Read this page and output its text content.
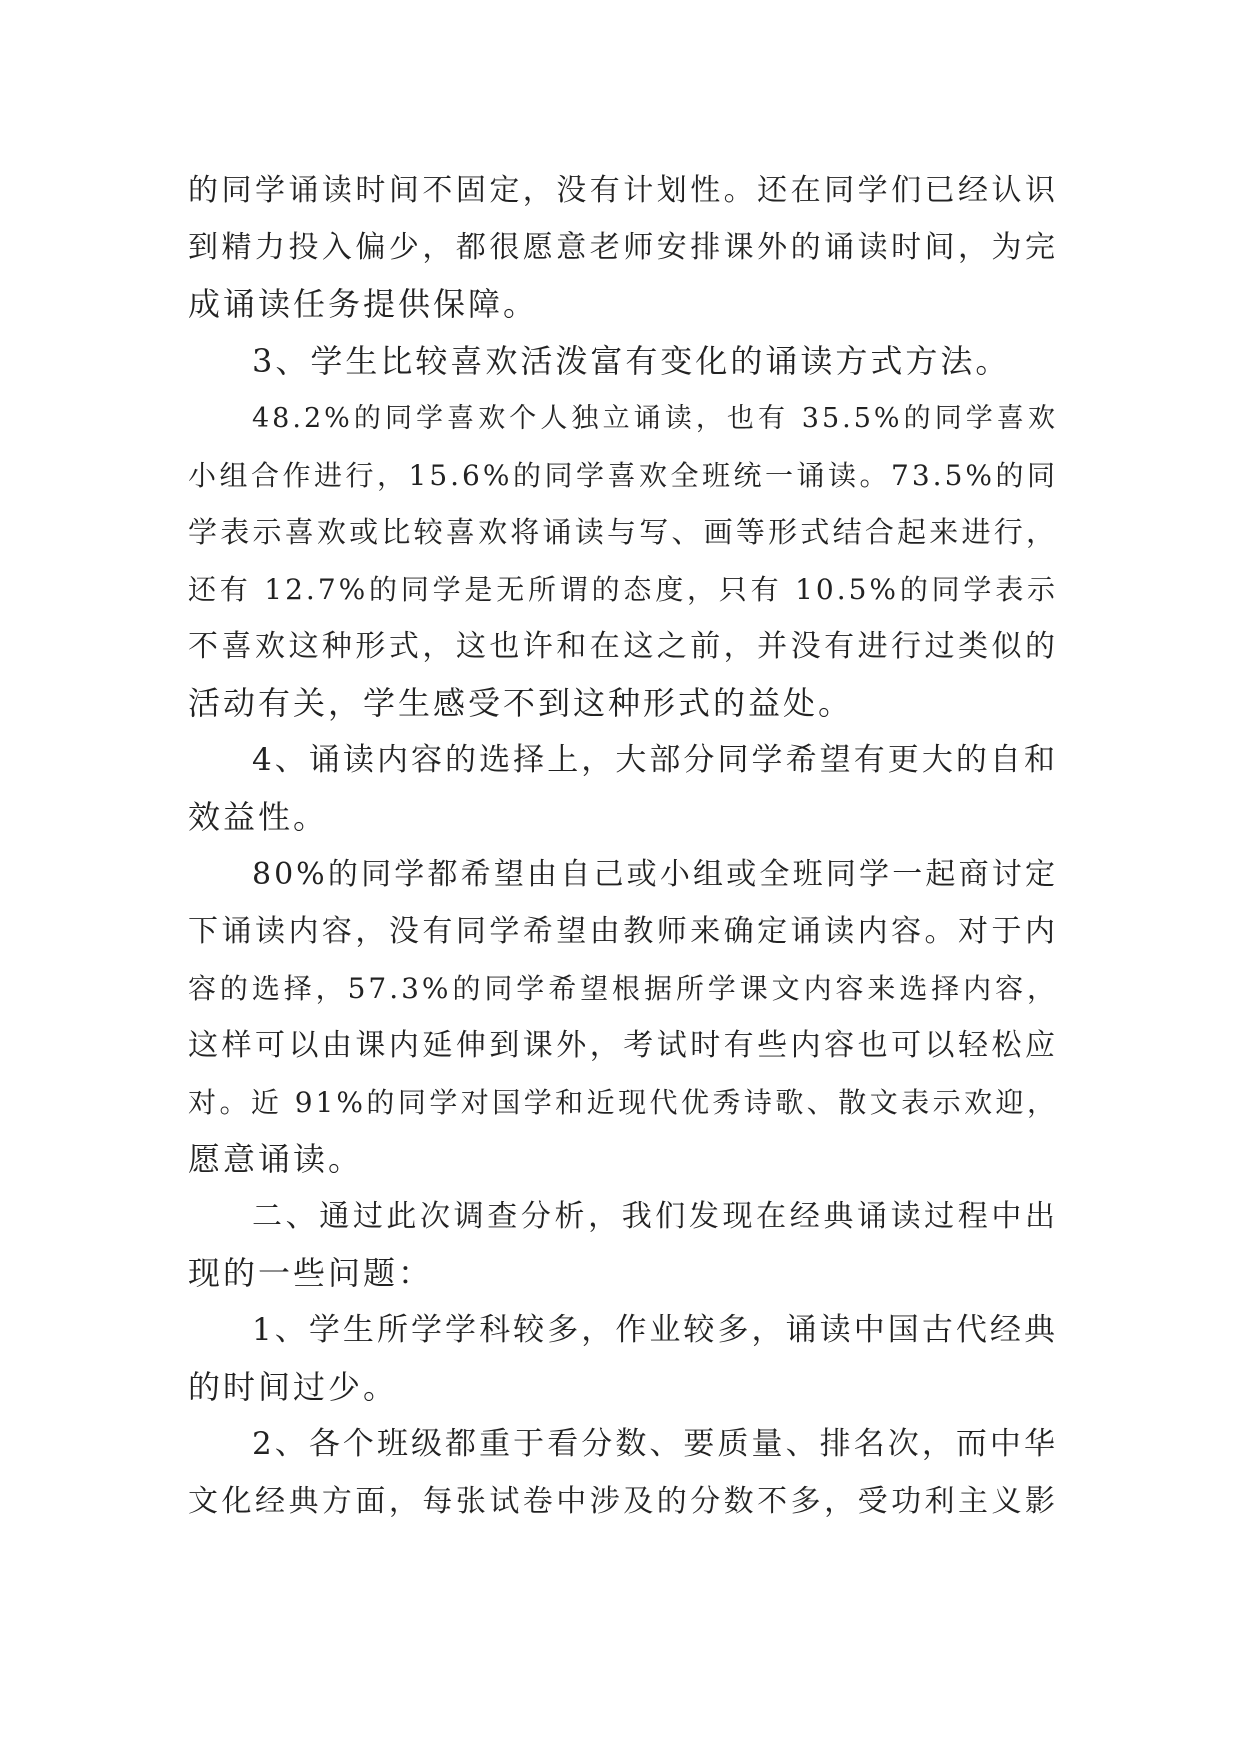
的同学诵读时间不固定，没有计划性。还在同学们已经认识
到精力投入偏少，都很愿意老师安排课外的诵读时间，为完
成诵读任务提供保障。
3、学生比较喜欢活泼富有变化的诵读方式方法。
48.2%的同学喜欢个人独立诵读，也有 35.5%的同学喜欢
小组合作进行，15.6%的同学喜欢全班统一诵读。73.5%的同
学表示喜欢或比较喜欢将诵读与写、画等形式结合起来进行，
还有 12.7%的同学是无所谓的态度，只有 10.5%的同学表示
不喜欢这种形式，这也许和在这之前，并没有进行过类似的
活动有关，学生感受不到这种形式的益处。
4、诵读内容的选择上，大部分同学希望有更大的自和
效益性。
80%的同学都希望由自己或小组或全班同学一起商讨定
下诵读内容，没有同学希望由教师来确定诵读内容。对于内
容的选择，57.3%的同学希望根据所学课文内容来选择内容，
这样可以由课内延伸到课外，考试时有些内容也可以轻松应
对。近 91%的同学对国学和近现代优秀诗歌、散文表示欢迎，
愿意诵读。
二、通过此次调查分析，我们发现在经典诵读过程中出
现的一些问题：
1、学生所学学科较多，作业较多，诵读中国古代经典
的时间过少。
2、各个班级都重于看分数、要质量、排名次，而中华
文化经典方面，每张试卷中涉及的分数不多，受功利主义影
